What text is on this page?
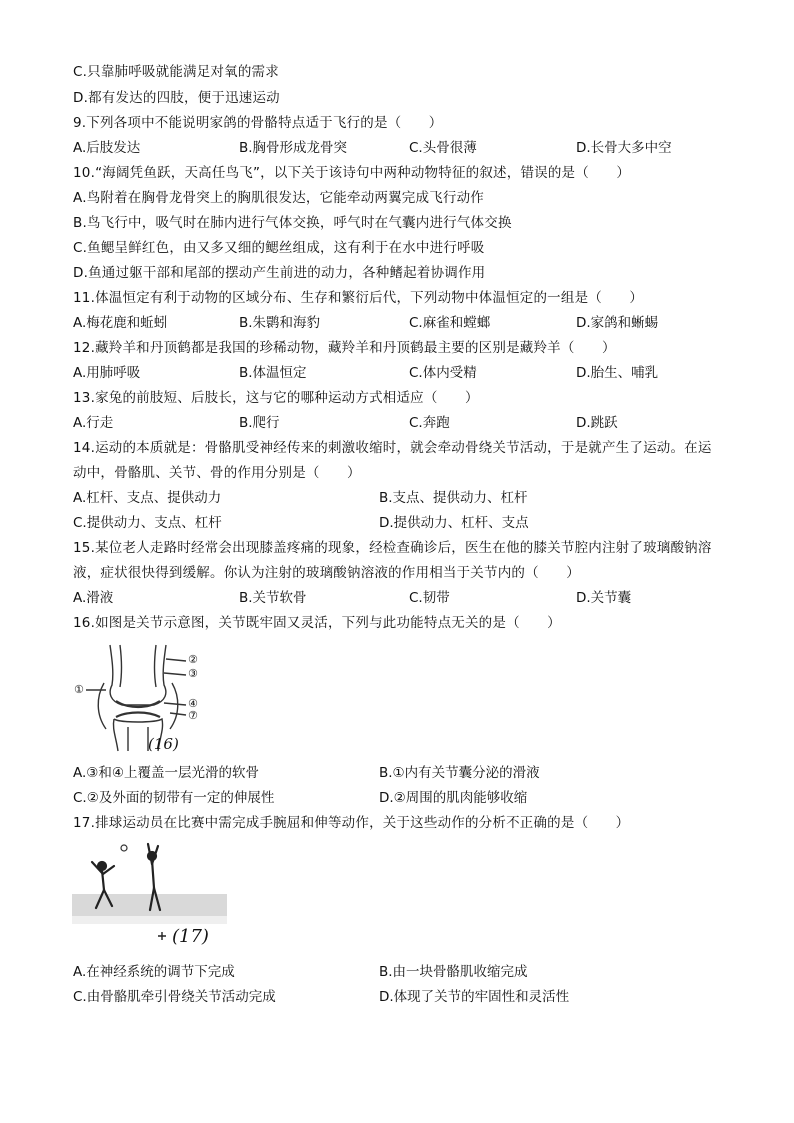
C.只靠肺呼吸就能满足对氧的需求
D.都有发达的四肢，便于迅速运动
9.下列各项中不能说明家鸽的骨骼特点适于飞行的是（　　）
A.后肢发达	B.胸骨形成龙骨突	C.头骨很薄	D.长骨大多中空
10.“海阔凭鱼跃，天高任鸟飞”，以下关于该诗句中两种动物特征的叙述，错误的是（　　）
A.鸟附着在胸骨龙骨突上的胸肌很发达，它能牵动两翼完成飞行动作
B.鸟飞行中，吸气时在肺内进行气体交换，呼气时在气囊内进行气体交换
C.鱼鳃呈鲜红色，由又多又细的鳃丝组成，这有利于在水中进行呼吸
D.鱼通过躯干部和尾部的摆动产生前进的动力，各种鳍起着协调作用
11.体温恒定有利于动物的区域分布、生存和繁衍后代，下列动物中体温恒定的一组是（　　）
A.梅花鹿和蚯蚓	B.朱鹮和海豹	C.麻雀和螳螂	D.家鸽和蜥蜴
12.藏羚羊和丹顶鹤都是我国的珍稀动物，藏羚羊和丹顶鹤最主要的区别是藏羚羊（　　）
A.用肺呼吸	B.体温恒定	C.体内受精	D.胎生、哺乳
13.家兔的前肢短、后肢长，这与它的哪种运动方式相适应（　　）
A.行走	B.爬行	C.奔跑	D.跳跃
14.运动的本质就是：骨骼肌受神经传来的刺激收缩时，就会牵动骨绕关节活动，于是就产生了运动。在运
动中，骨骼肌、关节、骨的作用分别是（　　）
A.杠杆、支点、提供动力	B.支点、提供动力、杠杆
C.提供动力、支点、杠杆	D.提供动力、杠杆、支点
15.某位老人走路时经常会出现膝盖疼痛的现象，经检查确诊后，医生在他的膝关节腔内注射了玻璃酸钠溶
液，症状很快得到缓解。你认为注射的玻璃酸钠溶液的作用相当于关节内的（　　）
A.滑液	B.关节软骨	C.韧带	D.关节囊
16.如图是关节示意图，关节既牢固又灵活，下列与此功能特点无关的是（　　）
②
③
①
④
⑦
(16)
A.③和④上覆盖一层光滑的软骨	B.①内有关节囊分泌的滑液
C.②及外面的韧带有一定的伸展性	D.②周围的肌肉能够收缩
17.排球运动员在比赛中需完成手腕屈和伸等动作，关于这些动作的分析不正确的是（　　）
(17)
A.在神经系统的调节下完成	B.由一块骨骼肌收缩完成
C.由骨骼肌牵引骨绕关节活动完成	D.体现了关节的牢固性和灵活性
